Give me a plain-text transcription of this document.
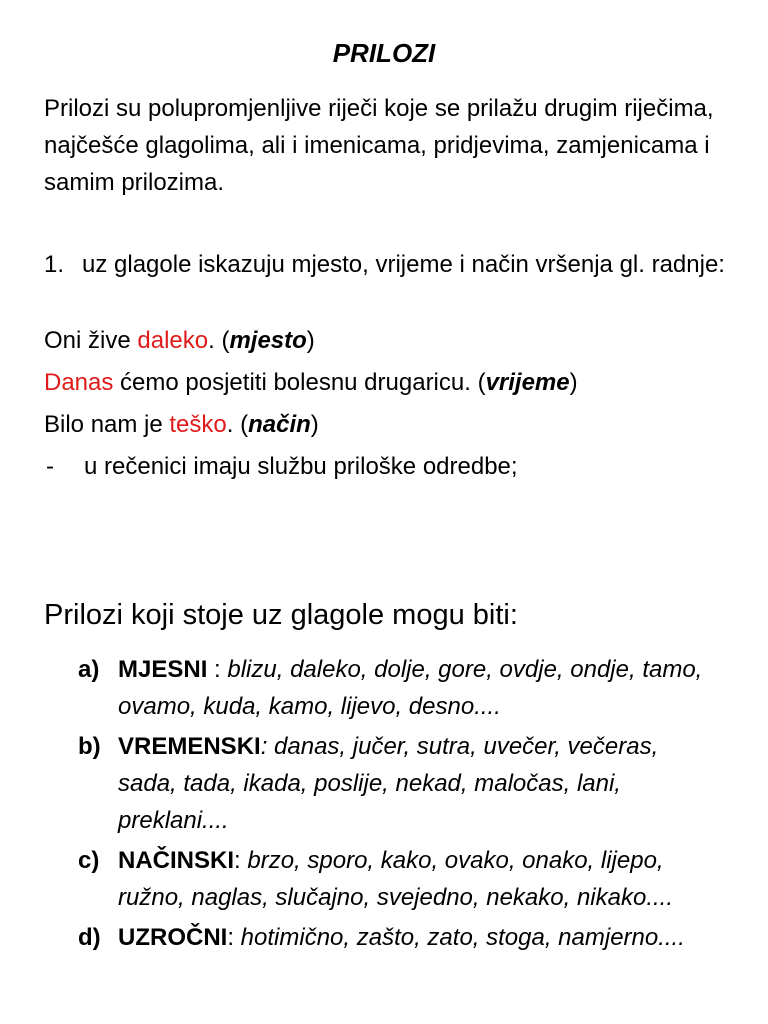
PRILOZI
Prilozi su polupromjenljive riječi koje se prilažu drugim riječima, najčešće glagolima, ali i imenicama, pridjevima, zamjenicama i samim prilozima.
1. uz glagole iskazuju mjesto, vrijeme i način vršenja gl. radnje:
Oni žive daleko. (mjesto)
Danas ćemo posjetiti bolesnu drugaricu. (vrijeme)
Bilo nam je teško. (način)
-	u rečenici imaju službu priloške odredbe;
Prilozi koji stoje uz glagole mogu biti:
a) MJESNI : blizu, daleko, dolje, gore, ovdje, ondje, tamo, ovamo, kuda, kamo, lijevo, desno....
b) VREMENSKI: danas, jučer, sutra, uvečer, večeras, sada, tada, ikada, poslije, nekad, maločas, lani, preklani....
c) NAČINSKI: brzo, sporo, kako, ovako, onako, lijepo, ružno, naglas, slučajno, svejedno, nekako, nikako....
d) UZROČNI: hotimično, zašto, zato, stoga, namjerno....
